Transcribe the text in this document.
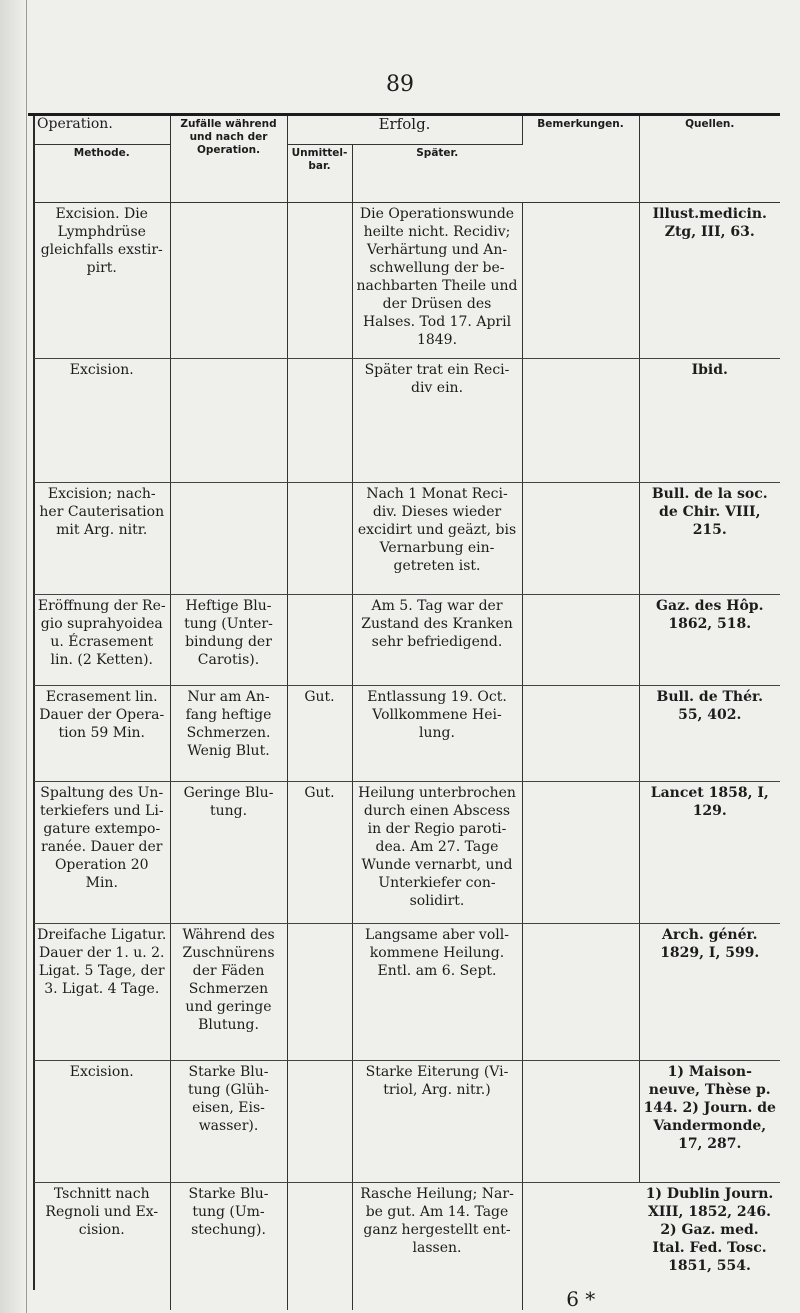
89
Operation.	Zufälle während und nach der Operation.	Erfolg.		Bemerkungen.	Quellen.
Methode.		Unmittel-bar.	Später.		
Excision. Die Lymphdrüse gleichfalls exstir-pirt.			Die Operationswunde heilte nicht. Recidiv; Verhärtung und An-schwellung der be-nachbarten Theile und der Drüsen des Halses. Tod 17. April 1849.		Illust.medicin. Ztg, III, 63.
Excision.			Später trat ein Reci-div ein.		Ibid.
Excision; nach-her Cauterisation mit Arg. nitr.			Nach 1 Monat Reci-div. Dieses wieder excidirt und geäzt, bis Vernarbung ein-getreten ist.		Bull. de la soc. de Chir. VIII, 215.
Eröffnung der Re-gio suprahyoidea u. Écrasement lin. (2 Ketten).	Heftige Blu-tung (Unter-bindung der Carotis).		Am 5. Tag war der Zustand des Kranken sehr befriedigend.		Gaz. des Hôp. 1862, 518.
Ecrasement lin. Dauer der Opera-tion 59 Min.	Nur am An-fang heftige Schmerzen. Wenig Blut.	Gut.	Entlassung 19. Oct. Vollkommene Hei-lung.		Bull. de Thér. 55, 402.
Spaltung des Un-terkiefers und Li-gature extempo-ranée. Dauer der Operation 20 Min.	Geringe Blu-tung.	Gut.	Heilung unterbrochen durch einen Abscess in der Regio paroti-dea. Am 27. Tage Wunde vernarbt, und Unterkiefer con-solidirt.		Lancet 1858, I, 129.
Dreifache Ligatur. Dauer der 1. u. 2. Ligat. 5 Tage, der 3. Ligat. 4 Tage.	Während des Zuschnürens der Fäden Schmerzen und geringe Blutung.		Langsame aber voll-kommene Heilung. Entl. am 6. Sept.		Arch. génér. 1829, I, 599.
Excision.	Starke Blu-tung (Glüh-eisen, Eis-wasser).		Starke Eiterung (Vi-triol, Arg. nitr.)		1) Maison-neuve, Thèse p. 144. 2) Journ. de Vandermonde, 17, 287.
Tschnitt nach Regnoli und Ex-cision.	Starke Blu-tung (Um-stechung).		Rasche Heilung; Nar-be gut. Am 14. Tage ganz hergestellt ent-lassen.	6 *	1) Dublin Journ. XIII, 1852, 246. 2) Gaz. med. Ital. Fed. Tosc. 1851, 554.
